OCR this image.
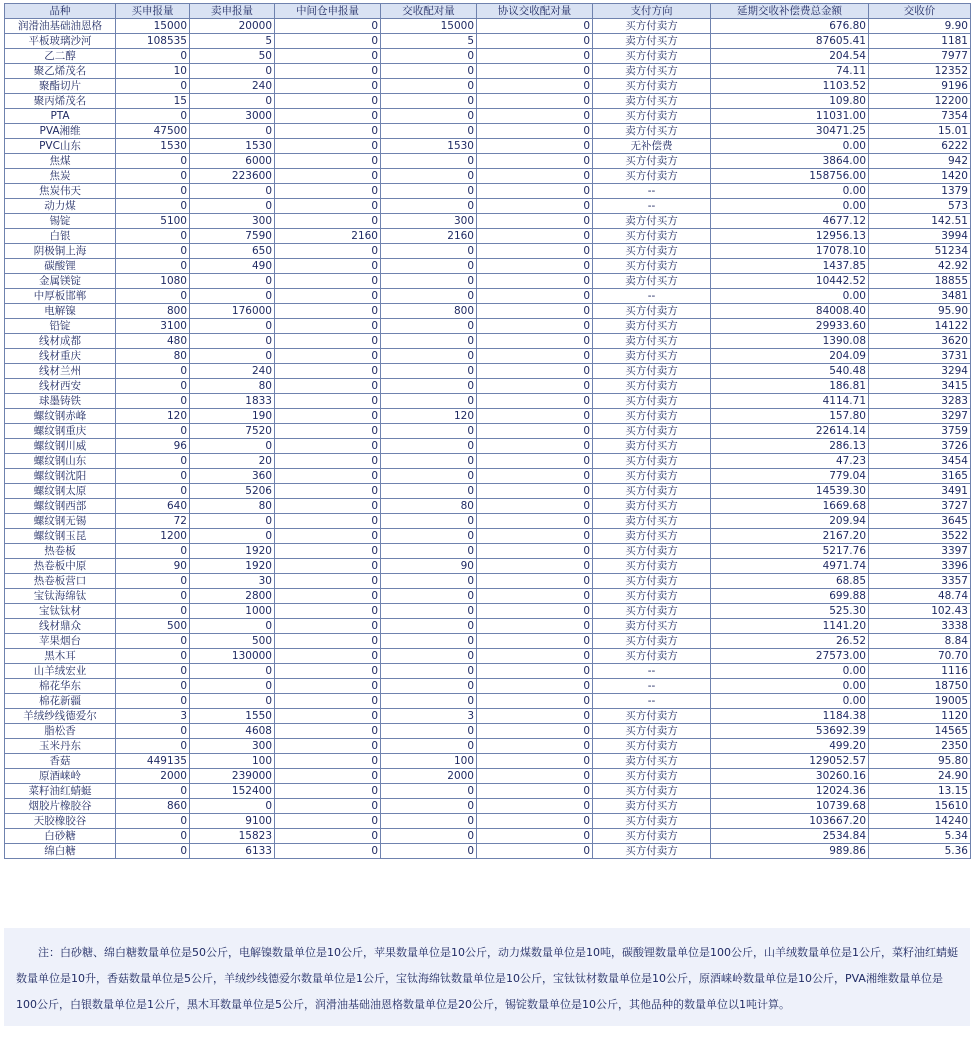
品种	买申报量	卖申报量	中间仓申报量	交收配对量	协议交收配对量	支付方向	延期交收补偿费总金额	交收价
润滑油基础油恩格	15000	20000	0	15000	0	买方付卖方	676.80	9.90
平板玻璃沙河	108535	5	0	5	0	卖方付买方	87605.41	1181
乙二醇	0	50	0	0	0	买方付卖方	204.54	7977
聚乙烯茂名	10	0	0	0	0	卖方付买方	74.11	12352
聚酯切片	0	240	0	0	0	买方付卖方	1103.52	9196
聚丙烯茂名	15	0	0	0	0	卖方付买方	109.80	12200
PTA	0	3000	0	0	0	买方付卖方	11031.00	7354
PVA湘维	47500	0	0	0	0	卖方付买方	30471.25	15.01
PVC山东	1530	1530	0	1530	0	无补偿费	0.00	6222
焦煤	0	6000	0	0	0	买方付卖方	3864.00	942
焦炭	0	223600	0	0	0	买方付卖方	158756.00	1420
焦炭伟天	0	0	0	0	0	--	0.00	1379
动力煤	0	0	0	0	0	--	0.00	573
锡锭	5100	300	0	300	0	卖方付买方	4677.12	142.51
白银	0	7590	2160	2160	0	买方付卖方	12956.13	3994
阴极铜上海	0	650	0	0	0	买方付卖方	17078.10	51234
碳酸锂	0	490	0	0	0	买方付卖方	1437.85	42.92
金属镁锭	1080	0	0	0	0	卖方付买方	10442.52	18855
中厚板邯郸	0	0	0	0	0	--	0.00	3481
电解镍	800	176000	0	800	0	买方付卖方	84008.40	95.90
铅锭	3100	0	0	0	0	卖方付买方	29933.60	14122
线材成都	480	0	0	0	0	卖方付买方	1390.08	3620
线材重庆	80	0	0	0	0	卖方付买方	204.09	3731
线材兰州	0	240	0	0	0	买方付卖方	540.48	3294
线材西安	0	80	0	0	0	买方付卖方	186.81	3415
球墨铸铁	0	1833	0	0	0	买方付卖方	4114.71	3283
螺纹钢赤峰	120	190	0	120	0	买方付卖方	157.80	3297
螺纹钢重庆	0	7520	0	0	0	买方付卖方	22614.14	3759
螺纹钢川威	96	0	0	0	0	卖方付买方	286.13	3726
螺纹钢山东	0	20	0	0	0	买方付卖方	47.23	3454
螺纹钢沈阳	0	360	0	0	0	买方付卖方	779.04	3165
螺纹钢太原	0	5206	0	0	0	买方付卖方	14539.30	3491
螺纹钢西部	640	80	0	80	0	卖方付买方	1669.68	3727
螺纹钢无锡	72	0	0	0	0	卖方付买方	209.94	3645
螺纹钢玉昆	1200	0	0	0	0	卖方付买方	2167.20	3522
热卷板	0	1920	0	0	0	买方付卖方	5217.76	3397
热卷板中原	90	1920	0	90	0	买方付卖方	4971.74	3396
热卷板营口	0	30	0	0	0	买方付卖方	68.85	3357
宝钛海绵钛	0	2800	0	0	0	买方付卖方	699.88	48.74
宝钛钛材	0	1000	0	0	0	买方付卖方	525.30	102.43
线材鼎众	500	0	0	0	0	卖方付买方	1141.20	3338
苹果烟台	0	500	0	0	0	买方付卖方	26.52	8.84
黑木耳	0	130000	0	0	0	买方付卖方	27573.00	70.70
山羊绒宏业	0	0	0	0	0	--	0.00	1116
棉花华东	0	0	0	0	0	--	0.00	18750
棉花新疆	0	0	0	0	0	--	0.00	19005
羊绒纱线德爱尔	3	1550	0	3	0	买方付卖方	1184.38	1120
脂松香	0	4608	0	0	0	买方付卖方	53692.39	14565
玉米丹东	0	300	0	0	0	买方付卖方	499.20	2350
香菇	449135	100	0	100	0	卖方付买方	129052.57	95.80
原酒崃岭	2000	239000	0	2000	0	买方付卖方	30260.16	24.90
菜籽油红蜻蜓	0	152400	0	0	0	买方付卖方	12024.36	13.15
烟胶片橡胶谷	860	0	0	0	0	卖方付买方	10739.68	15610
天胶橡胶谷	0	9100	0	0	0	买方付卖方	103667.20	14240
白砂糖	0	15823	0	0	0	买方付卖方	2534.84	5.34
绵白糖	0	6133	0	0	0	买方付卖方	989.86	5.36
注：白砂糖、绵白糖数量单位是50公斤，电解镍数量单位是10公斤，苹果数量单位是10公斤，动力煤数量单位是10吨，碳酸锂数量单位是100公斤，山羊绒数量单位是1公斤，菜籽油红蜻蜓数量单位是10升，香菇数量单位是5公斤，羊绒纱线德爱尔数量单位是1公斤，宝钛海绵钛数量单位是10公斤，宝钛钛材数量单位是10公斤，原酒崃岭数量单位是10公斤，PVA湘维数量单位是100公斤，白银数量单位是1公斤，黑木耳数量单位是5公斤，润滑油基础油恩格数量单位是20公斤，锡锭数量单位是10公斤，其他品种的数量单位以1吨计算。
